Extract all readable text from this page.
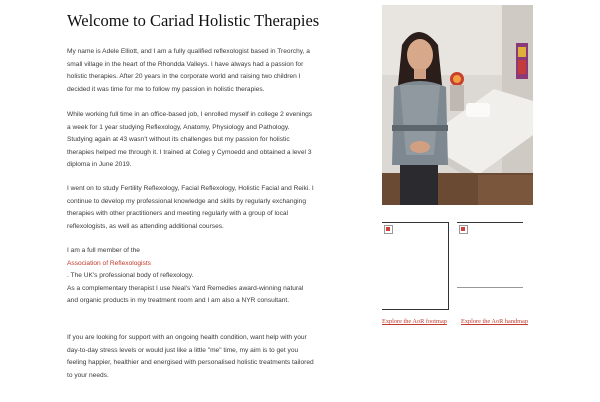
Welcome to Cariad Holistic Therapies

My name is Adele Elliott, and I am a fully qualified reflexologist based in Treorchy, a
small village in the heart of the Rhondda Valleys. I have always had a passion for
holistic therapies. After 20 years in the corporate world and raising two children I
decided it was time for me to follow my passion in holistic therapies.

While working full time in an office-based job, I enrolled myself in college 2 evenings
a week for 1 year studying Reflexology, Anatomy, Physiology and Pathology.
Studying again at 43 wasn't without its challenges but my passion for holistic
therapies helped me through it. I trained at Coleg y Cymoedd and obtained a level 3
diploma in June 2019.

I went on to study Fertility Reflexology, Facial Reflexology, Holistic Facial and Reiki. I
continue to develop my professional knowledge and skills by regularly exchanging
therapies with other practitioners and meeting regularly with a group of local
reflexologists, as well as attending additional courses.

I am a full member of the
Association of Reflexologists
. The UK's professional body of reflexology.
As a complementary therapist I use Neal's Yard Remedies award-winning natural
and organic products in my treatment room and I am also a NYR consultant.

If you are looking for support with an ongoing health condition, want help with your
day-to-day stress levels or would just like a little "me" time, my aim is to get you
feeling happier, healthier and energised with personalised holistic treatments tailored
to your needs.

Explore the AoR footmap Explore the AoR handmap
